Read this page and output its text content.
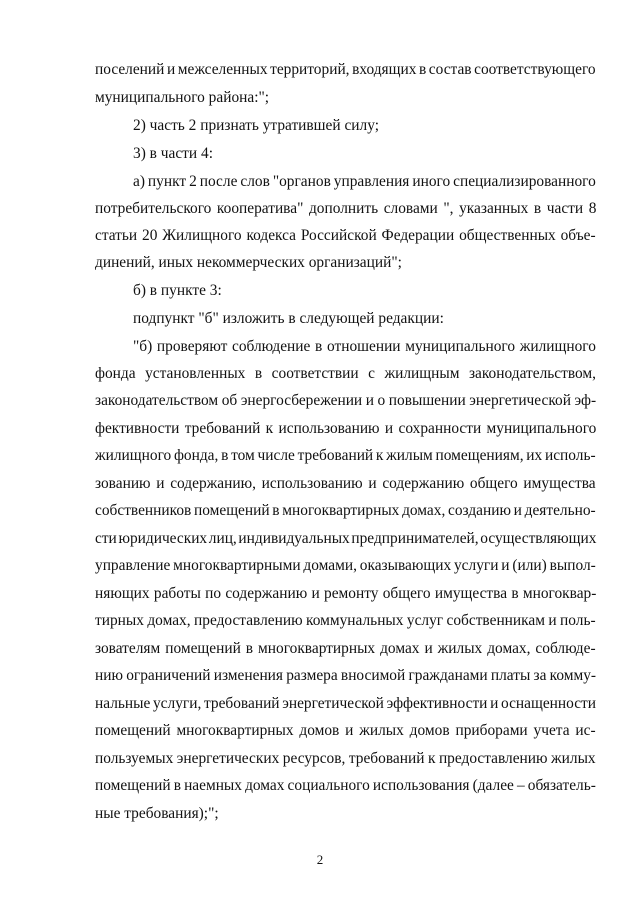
поселений и межселенных территорий, входящих в состав соответствующего
муниципального района:";
2) часть 2 признать утратившей силу;
3) в части 4:
а) пункт 2 после слов "органов управления иного специализированного
потребительского кооператива" дополнить словами ", указанных в части 8
статьи 20 Жилищного кодекса Российской Федерации общественных объе-
динений, иных некоммерческих организаций";
б) в пункте 3:
подпункт "б" изложить в следующей редакции:
"б) проверяют соблюдение в отношении муниципального жилищного
фонда установленных в соответствии с жилищным законодательством,
законодательством об энергосбережении и о повышении энергетической эф-
фективности требований к использованию и сохранности муниципального
жилищного фонда, в том числе требований к жилым помещениям, их исполь-
зованию и содержанию, использованию и содержанию общего имущества
собственников помещений в многоквартирных домах, созданию и деятельно-
сти юридических лиц, индивидуальных предпринимателей, осуществляющих
управление многоквартирными домами, оказывающих услуги и (или) выпол-
няющих работы по содержанию и ремонту общего имущества в многоквар-
тирных домах, предоставлению коммунальных услуг собственникам и поль-
зователям помещений в многоквартирных домах и жилых домах, соблюде-
нию ограничений изменения размера вносимой гражданами платы за комму-
нальные услуги, требований энергетической эффективности и оснащенности
помещений многоквартирных домов и жилых домов приборами учета ис-
пользуемых энергетических ресурсов, требований к предоставлению жилых
помещений в наемных домах социального использования (далее – обязатель-
ные требования);";
2
